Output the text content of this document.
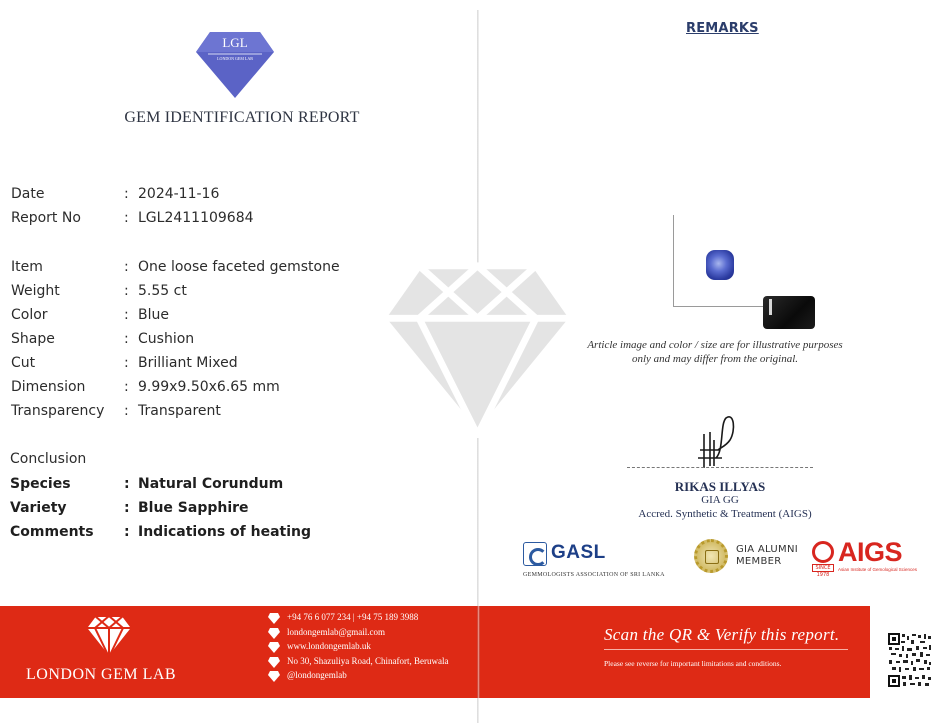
LGL
LONDON GEM LAB
GEM IDENTIFICATION REPORT
Date	: 2024-11-16
Report No	: LGL2411109684
Item	: One loose faceted gemstone
Weight	: 5.55 ct
Color	: Blue
Shape	: Cushion
Cut	: Brilliant Mixed
Dimension	: 9.99x9.50x6.65 mm
Transparency : Transparent
Conclusion
Species	: Natural Corundum
Variety	: Blue Sapphire
Comments : Indications of heating
REMARKS
Article image and color / size are for illustrative purposes
only and may differ from the original.
RIKAS ILLYAS
GIA GG
Accred. Synthetic & Treatment (AIGS)
GASL
GEMMOLOGISTS ASSOCIATION OF SRI LANKA
GIA ALUMNI
MEMBER
SINCE 1978
AIGS
Asian Institute of Gemological Sciences
LONDON GEM LAB
+94 76 6 077 234 | +94 75 189 3988
londongemlab@gmail.com
www.londongemlab.uk
No 30, Shazuliya Road, Chinafort, Beruwala
@londongemlab
Scan the QR & Verify this report.
Please see reverse for important limitations and conditions.
